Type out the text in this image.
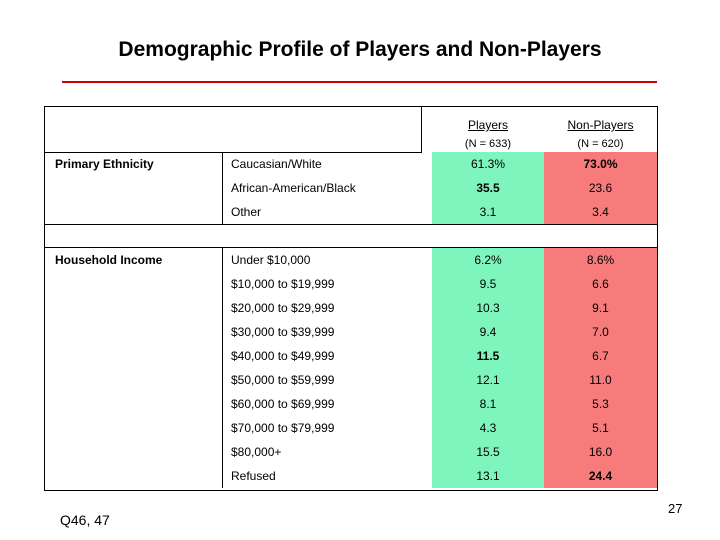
Demographic Profile of Players and Non-Players
Players
(N = 633)
Non-Players
(N = 620)
Primary Ethnicity	Caucasian/White	61.3%	73.0%
African-American/Black	35.5	23.6
Other	3.1	3.4
Household Income	Under $10,000	6.2%	8.6%
$10,000 to $19,999	9.5	6.6
$20,000 to $29,999	10.3	9.1
$30,000 to $39,999	9.4	7.0
$40,000 to $49,999	11.5	6.7
$50,000 to $59,999	12.1	11.0
$60,000 to $69,999	8.1	5.3
$70,000 to $79,999	4.3	5.1
$80,000+	15.5	16.0
Refused	13.1	24.4
Q46, 47
27
